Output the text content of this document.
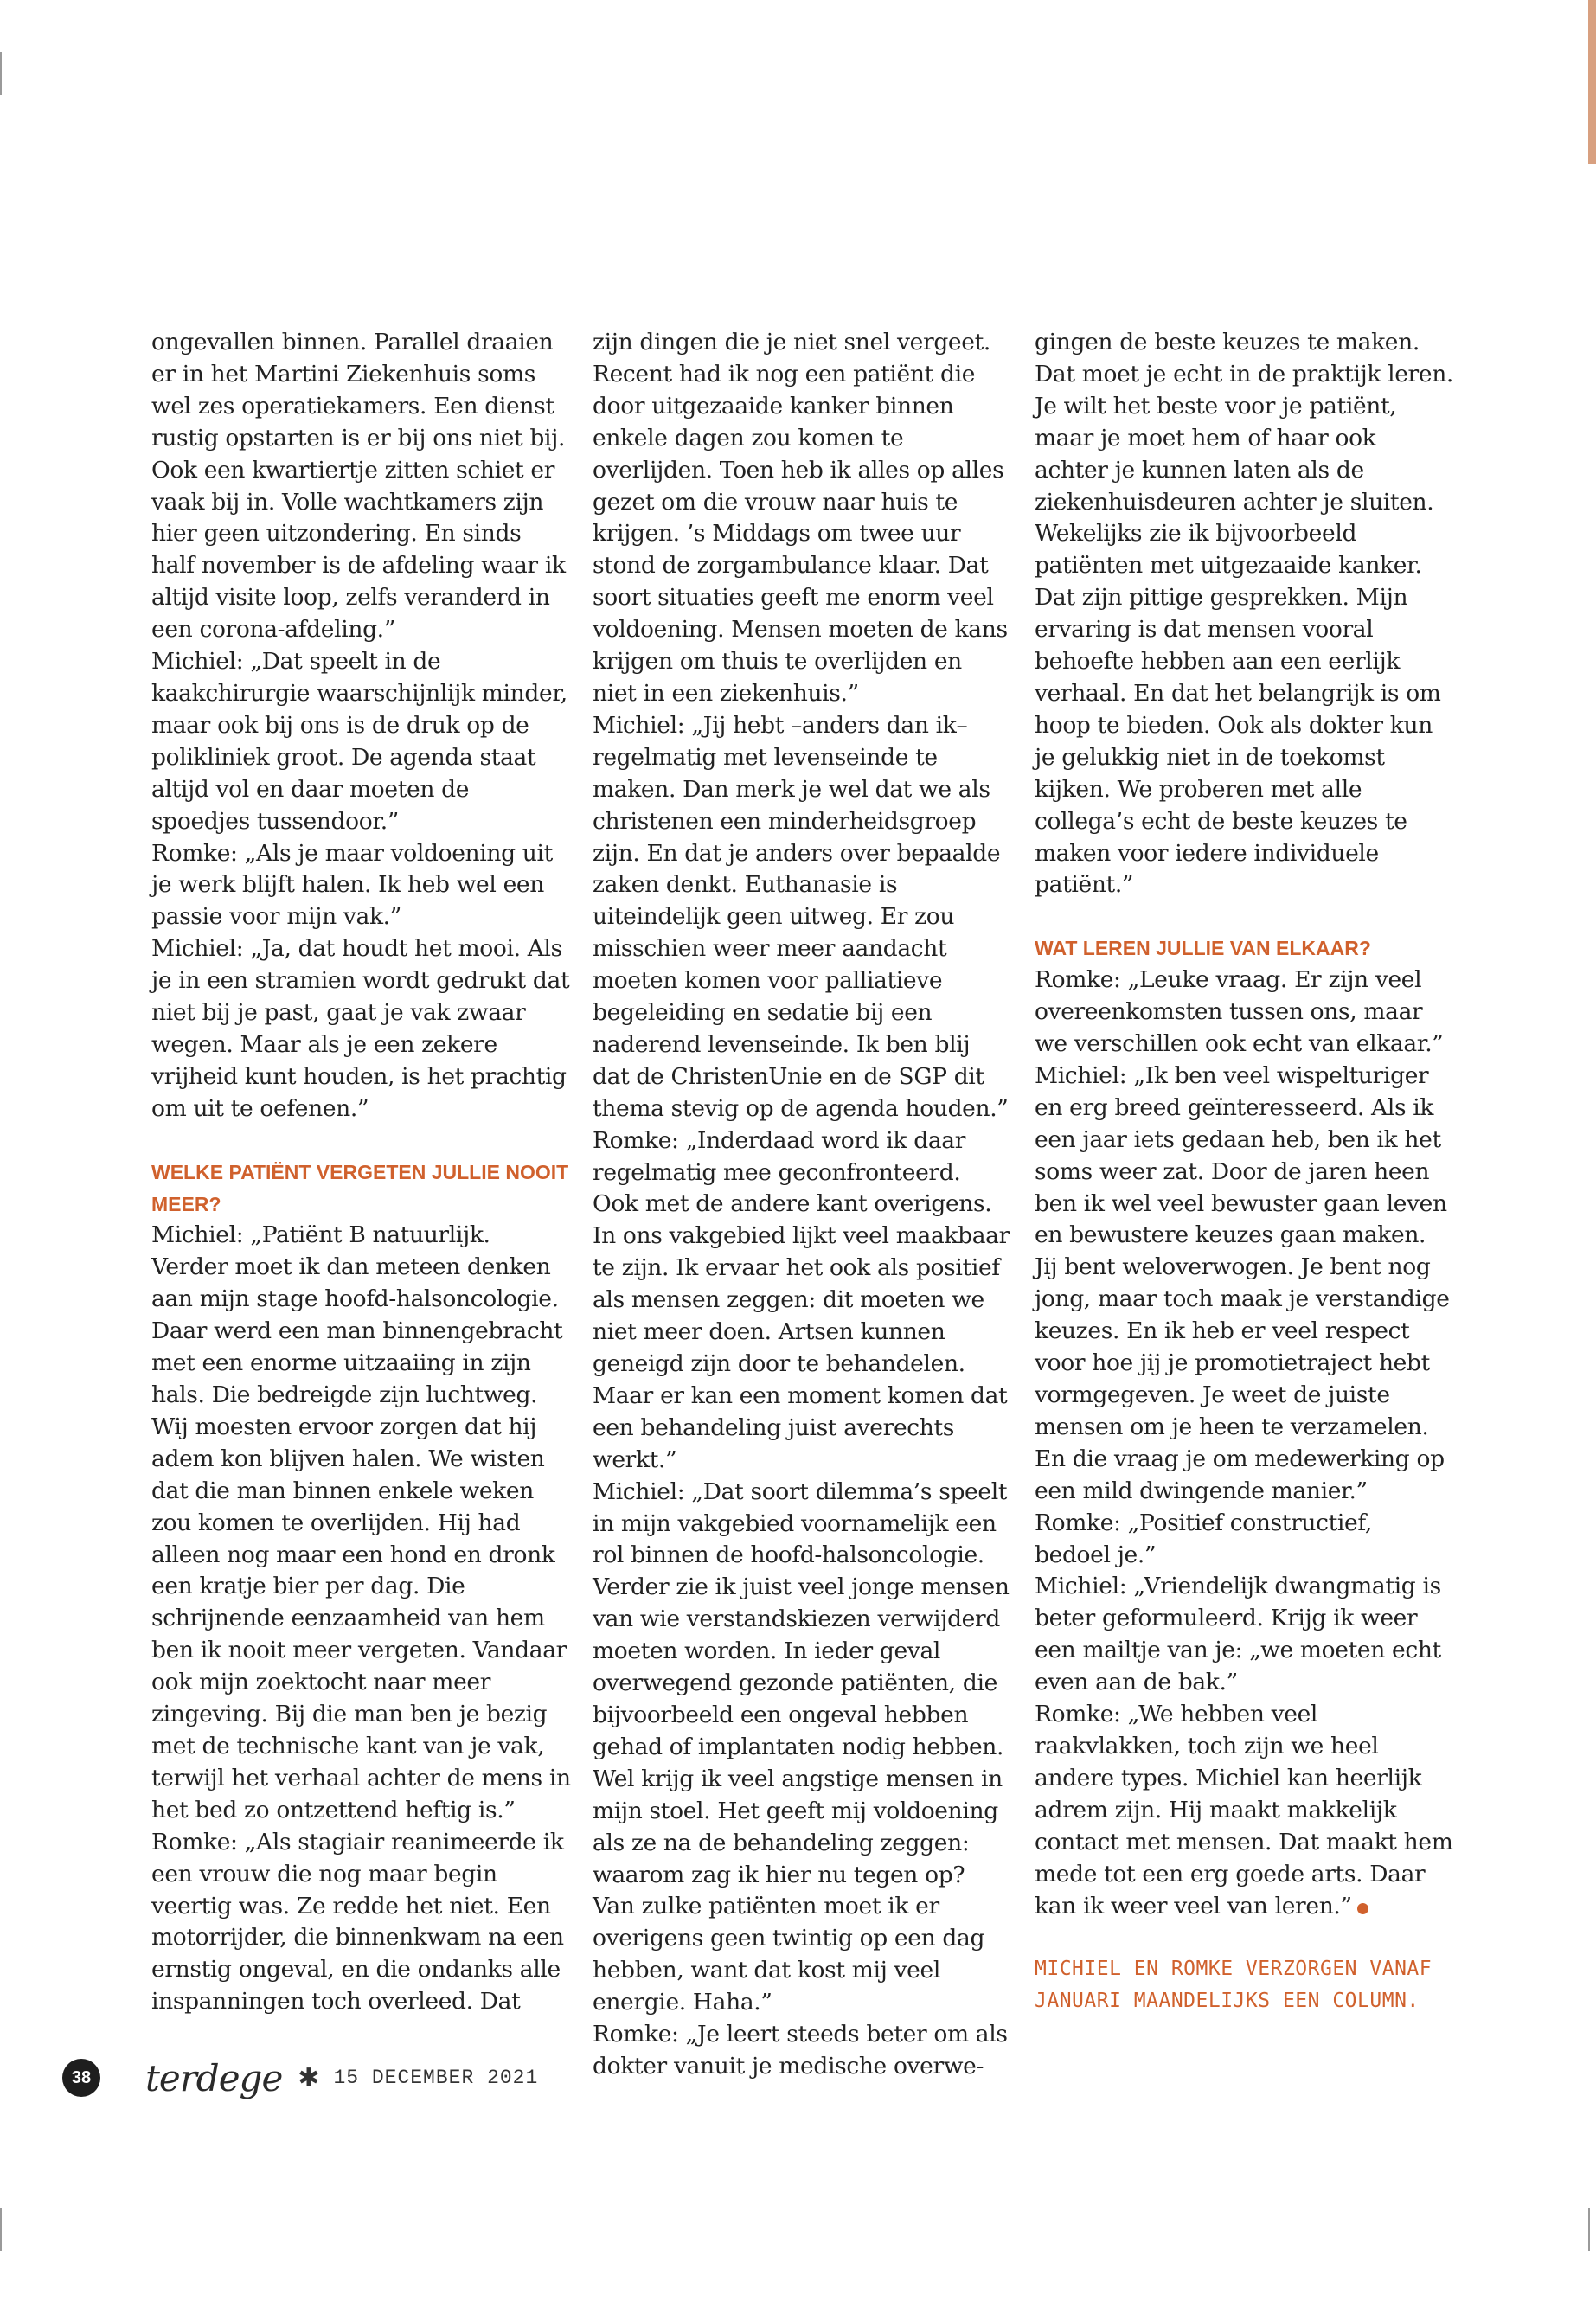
ongevallen binnen. Parallel draaien er in het Martini Ziekenhuis soms wel zes operatiekamers. Een dienst rustig opstarten is er bij ons niet bij. Ook een kwartiertje zitten schiet er vaak bij in. Volle wachtkamers zijn hier geen uitzondering. En sinds half november is de afdeling waar ik altijd visite loop, zelfs veranderd in een corona-afdeling.”

Michiel: „Dat speelt in de kaakchirurgie waarschijnlijk minder, maar ook bij ons is de druk op de polikliniek groot. De agenda staat altijd vol en daar moeten de spoedjes tussendoor.”

Romke: „Als je maar voldoening uit je werk blijft halen. Ik heb wel een passie voor mijn vak.”

Michiel: „Ja, dat houdt het mooi. Als je in een stramien wordt gedrukt dat niet bij je past, gaat je vak zwaar wegen. Maar als je een zekere vrijheid kunt houden, is het prachtig om uit te oefenen.”

WELKE PATIËNT VERGETEN JULLIE NOOIT MEER?

Michiel: „Patiënt B natuurlijk. Verder moet ik dan meteen denken aan mijn stage hoofd-halsoncologie. Daar werd een man binnengebracht met een enorme uitzaaiing in zijn hals. Die bedreigde zijn luchtweg. Wij moesten ervoor zorgen dat hij adem kon blijven halen. We wisten dat die man binnen enkele weken zou komen te overlijden. Hij had alleen nog maar een hond en dronk een kratje bier per dag. Die schrijnende eenzaamheid van hem ben ik nooit meer vergeten. Vandaar ook mijn zoektocht naar meer zingeving. Bij die man ben je bezig met de technische kant van je vak, terwijl het verhaal achter de mens in het bed zo ontzettend heftig is.”

Romke: „Als stagiair reanimeerde ik een vrouw die nog maar begin veertig was. Ze redde het niet. Een motorrijder, die binnenkwam na een ernstig ongeval, en die ondanks alle inspanningen toch overleed. Dat

zijn dingen die je niet snel vergeet. Recent had ik nog een patiënt die door uitgezaaide kanker binnen enkele dagen zou komen te overlijden. Toen heb ik alles op alles gezet om die vrouw naar huis te krijgen. ’s Middags om twee uur stond de zorgambulance klaar. Dat soort situaties geeft me enorm veel voldoening. Mensen moeten de kans krijgen om thuis te overlijden en niet in een ziekenhuis.”

Michiel: „Jij hebt –anders dan ik– regelmatig met levenseinde te maken. Dan merk je wel dat we als christenen een minderheidsgroep zijn. En dat je anders over bepaalde zaken denkt. Euthanasie is uiteindelijk geen uitweg. Er zou misschien weer meer aandacht moeten komen voor palliatieve begeleiding en sedatie bij een naderend levenseinde. Ik ben blij dat de ChristenUnie en de SGP dit thema stevig op de agenda houden.”

Romke: „Inderdaad word ik daar regelmatig mee geconfronteerd. Ook met de andere kant overigens. In ons vakgebied lijkt veel maakbaar te zijn. Ik ervaar het ook als positief als mensen zeggen: dit moeten we niet meer doen. Artsen kunnen geneigd zijn door te behandelen. Maar er kan een moment komen dat een behandeling juist averechts werkt.”

Michiel: „Dat soort dilemma’s speelt in mijn vakgebied voornamelijk een rol binnen de hoofd-halsoncologie. Verder zie ik juist veel jonge mensen van wie verstandskiezen verwijderd moeten worden. In ieder geval overwegend gezonde patiënten, die bijvoorbeeld een ongeval hebben gehad of implantaten nodig hebben. Wel krijg ik veel angstige mensen in mijn stoel. Het geeft mij voldoening als ze na de behandeling zeggen: waarom zag ik hier nu tegen op? Van zulke patiënten moet ik er overigens geen twintig op een dag hebben, want dat kost mij veel energie. Haha.”

Romke: „Je leert steeds beter om als dokter vanuit je medische overwe-

gingen de beste keuzes te maken. Dat moet je echt in de praktijk leren. Je wilt het beste voor je patiënt, maar je moet hem of haar ook achter je kunnen laten als de ziekenhuisdeuren achter je sluiten. Wekelijks zie ik bijvoorbeeld patiënten met uitgezaaide kanker. Dat zijn pittige gesprekken. Mijn ervaring is dat mensen vooral behoefte hebben aan een eerlijk verhaal. En dat het belangrijk is om hoop te bieden. Ook als dokter kun je gelukkig niet in de toekomst kijken. We proberen met alle collega’s echt de beste keuzes te maken voor iedere individuele patiënt.”

WAT LEREN JULLIE VAN ELKAAR?

Romke: „Leuke vraag. Er zijn veel overeenkomsten tussen ons, maar we verschillen ook echt van elkaar.”

Michiel: „Ik ben veel wispelturiger en erg breed geïnteresseerd. Als ik een jaar iets gedaan heb, ben ik het soms weer zat. Door de jaren heen ben ik wel veel bewuster gaan leven en bewustere keuzes gaan maken. Jij bent weloverwogen. Je bent nog jong, maar toch maak je verstandige keuzes. En ik heb er veel respect voor hoe jij je promotietraject hebt vormgegeven. Je weet de juiste mensen om je heen te verzamelen. En die vraag je om medewerking op een mild dwingende manier.”

Romke: „Positief constructief, bedoel je.”

Michiel: „Vriendelijk dwangmatig is beter geformuleerd. Krijg ik weer een mailtje van je: „we moeten echt even aan de bak.”

Romke: „We hebben veel raakvlakken, toch zijn we heel andere types. Michiel kan heerlijk adrem zijn. Hij maakt makkelijk contact met mensen. Dat maakt hem mede tot een erg goede arts. Daar kan ik weer veel van leren.”

MICHIEL EN ROMKE VERZORGEN VANAF JANUARI MAANDELIJKS EEN COLUMN.

38 terdege ✱ 15 DECEMBER 2021
